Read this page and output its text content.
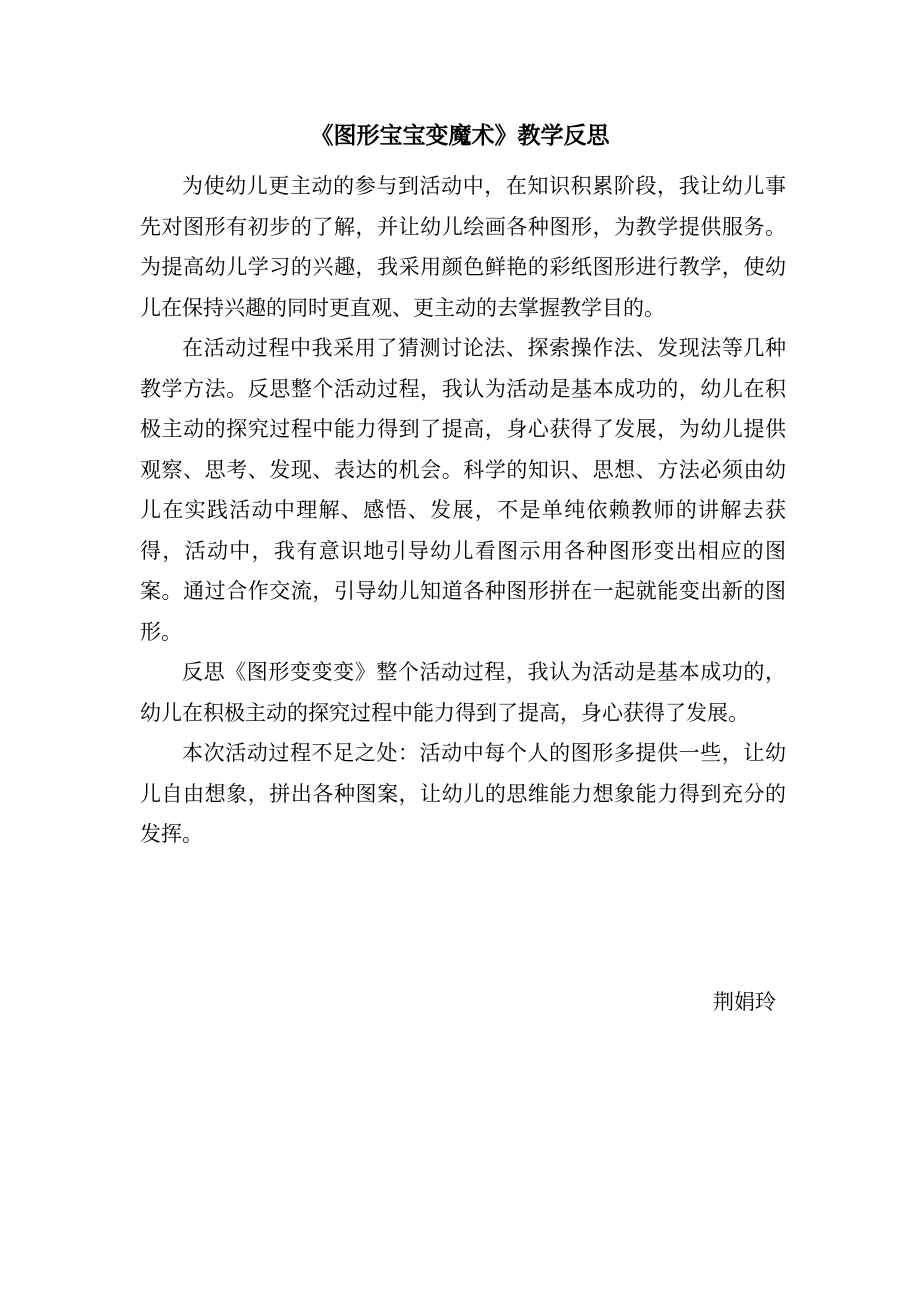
《图形宝宝变魔术》教学反思

为使幼儿更主动的参与到活动中，在知识积累阶段，我让幼儿事先对图形有初步的了解，并让幼儿绘画各种图形，为教学提供服务。为提高幼儿学习的兴趣，我采用颜色鲜艳的彩纸图形进行教学，使幼儿在保持兴趣的同时更直观、更主动的去掌握教学目的。

在活动过程中我采用了猜测讨论法、探索操作法、发现法等几种教学方法。反思整个活动过程，我认为活动是基本成功的，幼儿在积极主动的探究过程中能力得到了提高，身心获得了发展，为幼儿提供观察、思考、发现、表达的机会。科学的知识、思想、方法必须由幼儿在实践活动中理解、感悟、发展，不是单纯依赖教师的讲解去获得，活动中，我有意识地引导幼儿看图示用各种图形变出相应的图案。通过合作交流，引导幼儿知道各种图形拼在一起就能变出新的图形。

反思《图形变变变》整个活动过程，我认为活动是基本成功的，幼儿在积极主动的探究过程中能力得到了提高，身心获得了发展。

本次活动过程不足之处：活动中每个人的图形多提供一些，让幼儿自由想象，拼出各种图案，让幼儿的思维能力想象能力得到充分的发挥。

荆娟玲
